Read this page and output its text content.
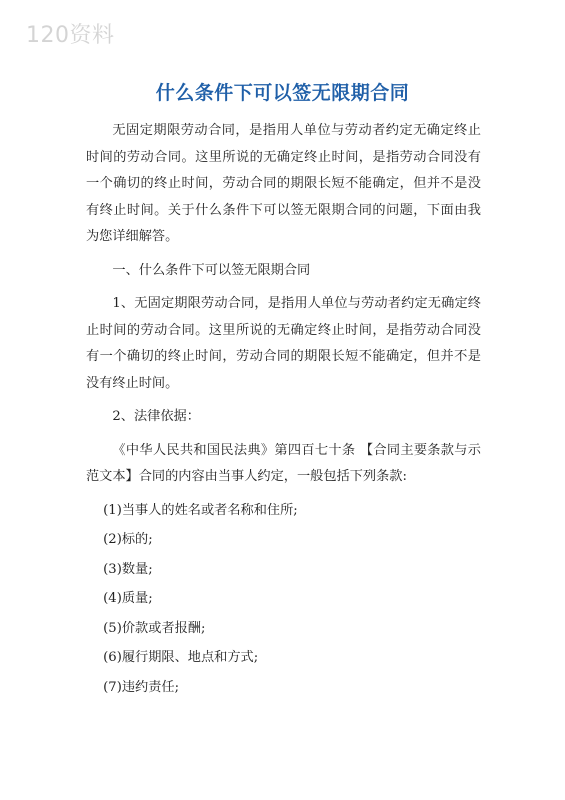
120资料
什么条件下可以签无限期合同

无固定期限劳动合同，是指用人单位与劳动者约定无确定终止时间的劳动合同。这里所说的无确定终止时间，是指劳动合同没有一个确切的终止时间，劳动合同的期限长短不能确定，但并不是没有终止时间。关于什么条件下可以签无限期合同的问题，下面由我为您详细解答。

一、什么条件下可以签无限期合同

1、无固定期限劳动合同，是指用人单位与劳动者约定无确定终止时间的劳动合同。这里所说的无确定终止时间，是指劳动合同没有一个确切的终止时间，劳动合同的期限长短不能确定，但并不是没有终止时间。

2、法律依据：

《中华人民共和国民法典》第四百七十条 【合同主要条款与示范文本】合同的内容由当事人约定，一般包括下列条款:

(1)当事人的姓名或者名称和住所;

(2)标的;

(3)数量;

(4)质量;

(5)价款或者报酬;

(6)履行期限、地点和方式;

(7)违约责任;
